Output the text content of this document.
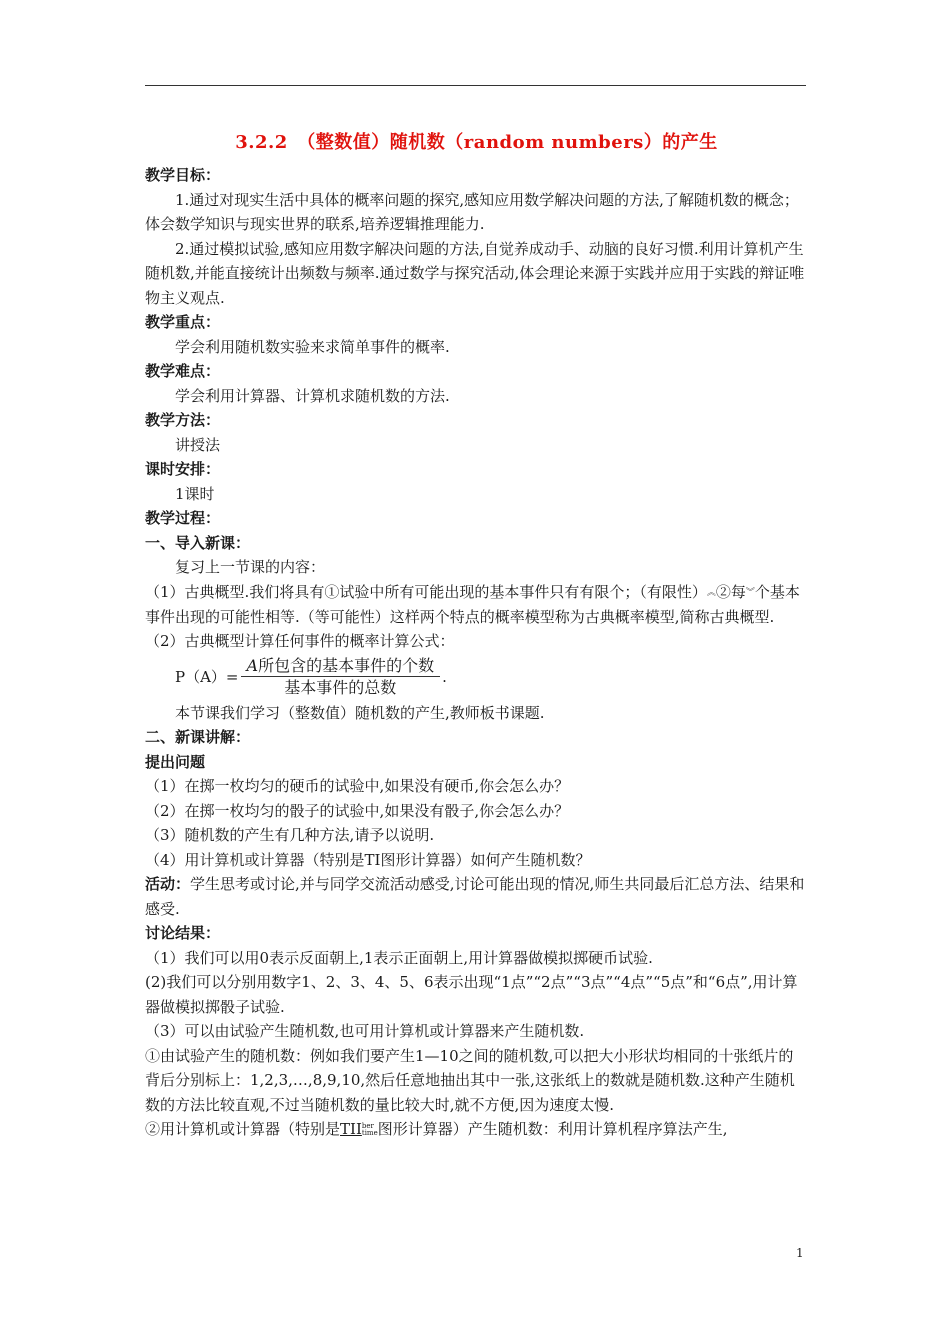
3.2.2　（整数值）随机数（random numbers）的产生
教学目标：
1.通过对现实生活中具体的概率问题的探究,感知应用数学解决问题的方法,了解随机数的概念；体会数学知识与现实世界的联系,培养逻辑推理能力.
2.通过模拟试验,感知应用数字解决问题的方法,自觉养成动手、动脑的良好习惯.利用计算机产生随机数,并能直接统计出频数与频率.通过数学与探究活动,体会理论来源于实践并应用于实践的辩证唯物主义观点.
教学重点：
学会利用随机数实验来求简单事件的概率.
教学难点：
学会利用计算器、计算机求随机数的方法.
教学方法：
讲授法
课时安排：
1课时
教学过程：
一、导入新课：
复习上一节课的内容：
（1）古典概型.我们将具有①试验中所有可能出现的基本事件只有有限个；（有限性）︽②每︾个基本事件出现的可能性相等.（等可能性）这样两个特点的概率模型称为古典概率模型,简称古典概型.
（2）古典概型计算任何事件的概率计算公式：
$P(A)= \frac{\text{A所包含的基本事件的个数}}{\text{基本事件的总数}}$ .
本节课我们学习（整数值）随机数的产生,教师板书课题.
二、新课讲解：
提出问题
（1）在掷一枚均匀的硬币的试验中,如果没有硬币,你会怎么办？
（2）在掷一枚均匀的骰子的试验中,如果没有骰子,你会怎么办？
（3）随机数的产生有几种方法,请予以说明.
（4）用计算机或计算器（特别是TI图形计算器）如何产生随机数？
活动：学生思考或讨论,并与同学交流活动感受,讨论可能出现的情况,师生共同最后汇总方法、结果和感受.
讨论结果：
（1）我们可以用0表示反面朝上,1表示正面朝上,用计算器做模拟掷硬币试验.
(2)我们可以分别用数字1、2、3、4、5、6表示出现“1点”“2点”“3点”“4点”“5点”和“6点”,用计算器做模拟掷骰子试验.
（3）可以由试验产生随机数,也可用计算机或计算器来产生随机数.
①由试验产生的随机数：例如我们要产生1—10之间的随机数,可以把大小形状均相同的十张纸片的背后分别标上：1,2,3,…,8,9,10,然后任意地抽出其中一张,这张纸上的数就是随机数.这种产生随机数的方法比较直观,不过当随机数的量比较大时,就不方便,因为速度太慢.
②用计算机或计算器（特别是TIIber
time图形计算器）产生随机数：利用计算机程序算法产生,
1
